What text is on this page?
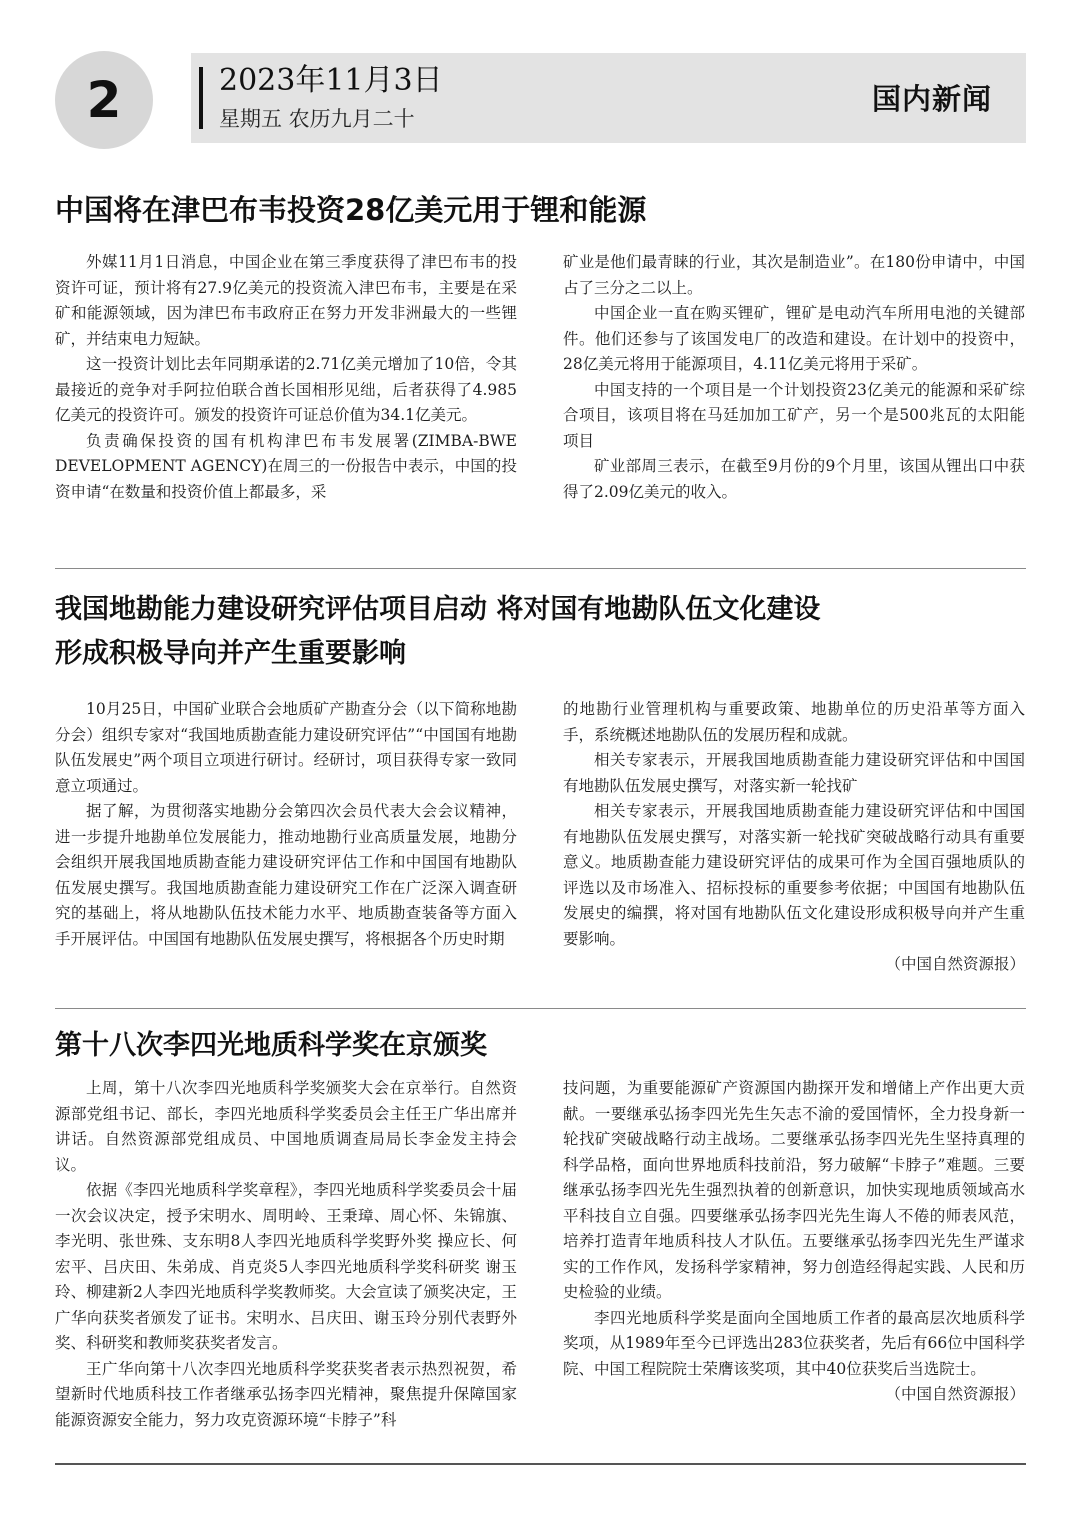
2	2023年11月3日
星期五 农历九月二十
国内新闻
中国将在津巴布韦投资28亿美元用于锂和能源

外媒11月1日消息，中国企业在第三季度获得了津巴布韦的投资许可证，预计将有27.9亿美元的投资流入津巴布韦，主要是在采矿和能源领域，因为津巴布韦政府正在努力开发非洲最大的一些锂矿，并结束电力短缺。

这一投资计划比去年同期承诺的2.71亿美元增加了10倍，令其最接近的竞争对手阿拉伯联合酋长国相形见绌，后者获得了4.985亿美元的投资许可。颁发的投资许可证总价值为34.1亿美元。

负责确保投资的国有机构津巴布韦发展署(ZIMBA-BWE DEVELOPMENT AGENCY)在周三的一份报告中表示，中国的投资申请“在数量和投资价值上都最多，采

矿业是他们最青睐的行业，其次是制造业”。在180份申请中，中国占了三分之二以上。

中国企业一直在购买锂矿，锂矿是电动汽车所用电池的关键部件。他们还参与了该国发电厂的改造和建设。在计划中的投资中，28亿美元将用于能源项目，4.11亿美元将用于采矿。

中国支持的一个项目是一个计划投资23亿美元的能源和采矿综合项目，该项目将在马廷加加工矿产，另一个是500兆瓦的太阳能项目

矿业部周三表示，在截至9月份的9个月里，该国从锂出口中获得了2.09亿美元的收入。

我国地勘能力建设研究评估项目启动 将对国有地勘队伍文化建设
形成积极导向并产生重要影响

10月25日，中国矿业联合会地质矿产勘查分会（以下简称地勘分会）组织专家对“我国地质勘查能力建设研究评估”“中国国有地勘队伍发展史”两个项目立项进行研讨。经研讨，项目获得专家一致同意立项通过。

据了解，为贯彻落实地勘分会第四次会员代表大会会议精神，进一步提升地勘单位发展能力，推动地勘行业高质量发展，地勘分会组织开展我国地质勘查能力建设研究评估工作和中国国有地勘队伍发展史撰写。我国地质勘查能力建设研究工作在广泛深入调查研究的基础上，将从地勘队伍技术能力水平、地质勘查装备等方面入手开展评估。中国国有地勘队伍发展史撰写，将根据各个历史时期

的地勘行业管理机构与重要政策、地勘单位的历史沿革等方面入手，系统概述地勘队伍的发展历程和成就。

相关专家表示，开展我国地质勘查能力建设研究评估和中国国有地勘队伍发展史撰写，对落实新一轮找矿

相关专家表示，开展我国地质勘查能力建设研究评估和中国国有地勘队伍发展史撰写，对落实新一轮找矿突破战略行动具有重要意义。地质勘查能力建设研究评估的成果可作为全国百强地质队的评选以及市场准入、招标投标的重要参考依据；中国国有地勘队伍发展史的编撰，将对国有地勘队伍文化建设形成积极导向并产生重要影响。

（中国自然资源报）

第十八次李四光地质科学奖在京颁奖

上周，第十八次李四光地质科学奖颁奖大会在京举行。自然资源部党组书记、部长，李四光地质科学奖委员会主任王广华出席并讲话。自然资源部党组成员、中国地质调查局局长李金发主持会议。

依据《李四光地质科学奖章程》，李四光地质科学奖委员会十届一次会议决定，授予宋明水、周明岭、王秉璋、周心怀、朱锦旗、李光明、张世殊、支东明8人李四光地质科学奖野外奖 操应长、何宏平、吕庆田、朱弟成、肖克炎5人李四光地质科学奖科研奖 谢玉玲、柳建新2人李四光地质科学奖教师奖。大会宣读了颁奖决定，王广华向获奖者颁发了证书。宋明水、吕庆田、谢玉玲分别代表野外奖、科研奖和教师奖获奖者发言。

王广华向第十八次李四光地质科学奖获奖者表示热烈祝贺，希望新时代地质科技工作者继承弘扬李四光精神，聚焦提升保障国家能源资源安全能力，努力攻克资源环境“卡脖子”科

技问题，为重要能源矿产资源国内勘探开发和增储上产作出更大贡献。一要继承弘扬李四光先生矢志不渝的爱国情怀，全力投身新一轮找矿突破战略行动主战场。二要继承弘扬李四光先生坚持真理的科学品格，面向世界地质科技前沿，努力破解“卡脖子”难题。三要继承弘扬李四光先生强烈执着的创新意识，加快实现地质领域高水平科技自立自强。四要继承弘扬李四光先生诲人不倦的师表风范，培养打造青年地质科技人才队伍。五要继承弘扬李四光先生严谨求实的工作作风，发扬科学家精神，努力创造经得起实践、人民和历史检验的业绩。

李四光地质科学奖是面向全国地质工作者的最高层次地质科学奖项，从1989年至今已评选出283位获奖者，先后有66位中国科学院、中国工程院院士荣膺该奖项，其中40位获奖后当选院士。

（中国自然资源报）
